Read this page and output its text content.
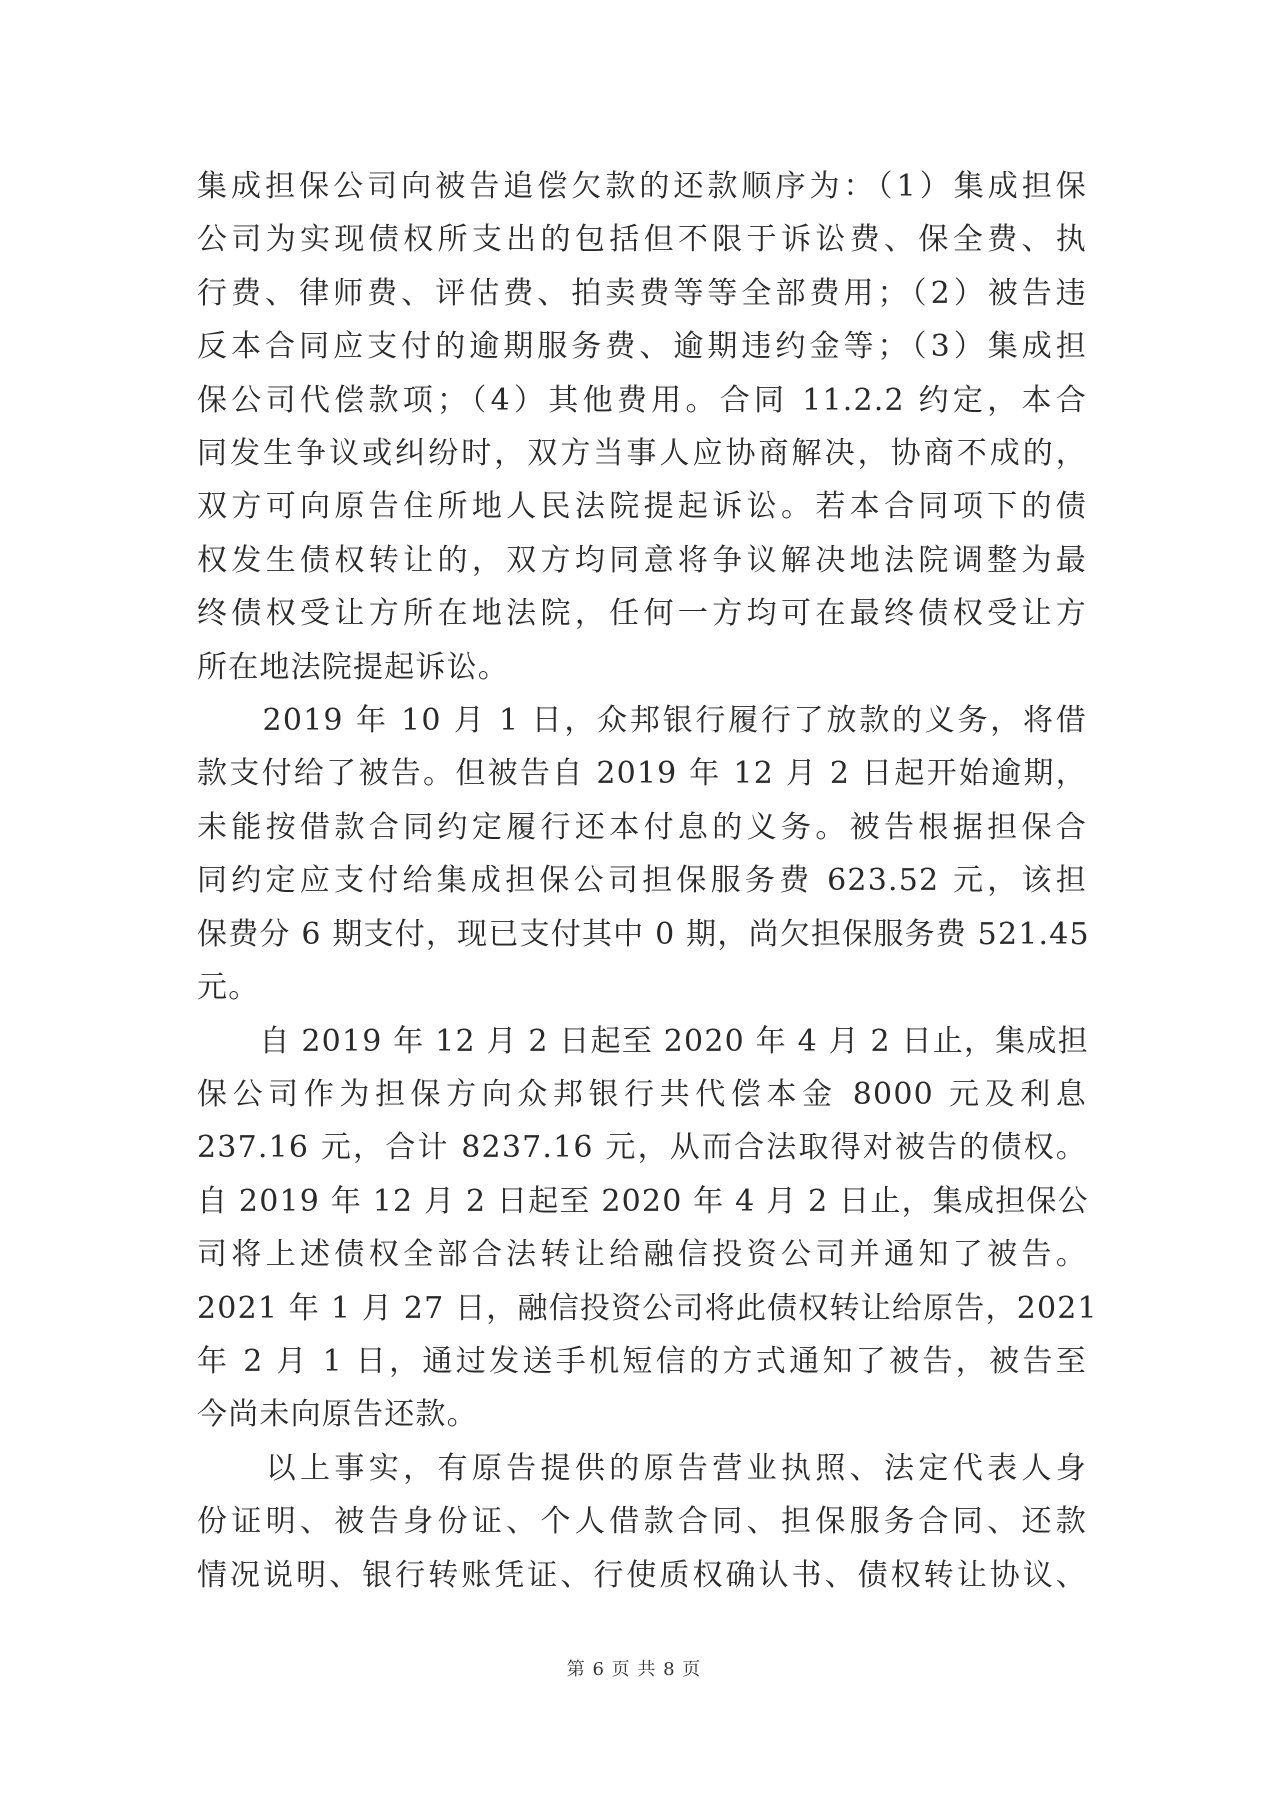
集成担保公司向被告追偿欠款的还款顺序为：（1）集成担保
公司为实现债权所支出的包括但不限于诉讼费、保全费、执
行费、律师费、评估费、拍卖费等等全部费用；（2）被告违
反本合同应支付的逾期服务费、逾期违约金等；（3）集成担
保公司代偿款项；（4）其他费用。合同 11.2.2 约定，本合
同发生争议或纠纷时，双方当事人应协商解决，协商不成的，
双方可向原告住所地人民法院提起诉讼。若本合同项下的债
权发生债权转让的，双方均同意将争议解决地法院调整为最
终债权受让方所在地法院，任何一方均可在最终债权受让方
所在地法院提起诉讼。

　　2019 年 10 月 1 日，众邦银行履行了放款的义务，将借
款支付给了被告。但被告自 2019 年 12 月 2 日起开始逾期，
未能按借款合同约定履行还本付息的义务。被告根据担保合
同约定应支付给集成担保公司担保服务费 623.52 元，该担
保费分 6 期支付，现已支付其中 0 期，尚欠担保服务费 521.45
元。

　　自 2019 年 12 月 2 日起至 2020 年 4 月 2 日止，集成担
保公司作为担保方向众邦银行共代偿本金 8000 元及利息
237.16 元，合计 8237.16 元，从而合法取得对被告的债权。
自 2019 年 12 月 2 日起至 2020 年 4 月 2 日止，集成担保公
司将上述债权全部合法转让给融信投资公司并通知了被告。
2021 年 1 月 27 日，融信投资公司将此债权转让给原告，2021
年 2 月 1 日，通过发送手机短信的方式通知了被告，被告至
今尚未向原告还款。

　　以上事实，有原告提供的原告营业执照、法定代表人身
份证明、被告身份证、个人借款合同、担保服务合同、还款
情况说明、银行转账凭证、行使质权确认书、债权转让协议、

第 6 页 共 8 页
